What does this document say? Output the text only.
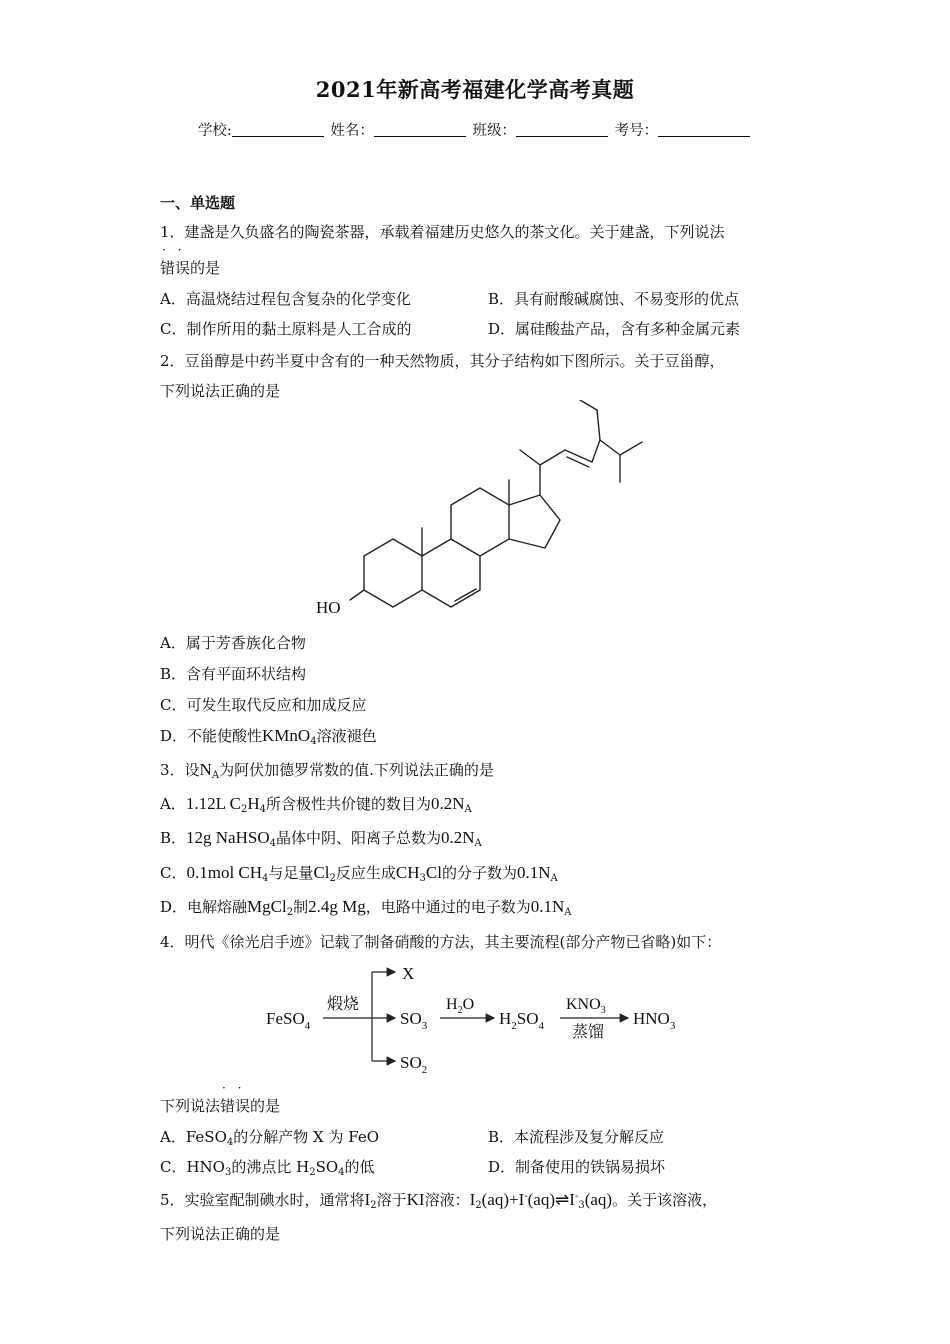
2021年新高考福建化学高考真题
学校:	姓名：	班级：	考号：
一、单选题
1．建盏是久负盛名的陶瓷茶器，承载着福建历史悠久的茶文化。关于建盏，下列说法
· · 错误的是
A．高温烧结过程包含复杂的化学变化	B．具有耐酸碱腐蚀、不易变形的优点
C．制作所用的黏土原料是人工合成的	D．属硅酸盐产品，含有多种金属元素
2．豆甾醇是中药半夏中含有的一种天然物质，其分子结构如下图所示。关于豆甾醇，
下列说法正确的是
HO
A．属于芳香族化合物
B．含有平面环状结构
C．可发生取代反应和加成反应
D．不能使酸性KMnO$_4$溶液褪色
3．设$N_A$为阿伏加德罗常数的值.下列说法正确的是
A．1.12L $C_2H_4$所含极性共价键的数目为$0.2N_A$
B．12g NaHSO$_4$晶体中阴、阳离子总数为$0.2N_A$
C．0.1mol $CH_4$与足量$Cl_2$反应生成$CH_3Cl$的分子数为$0.1N_A$
D．电解熔融MgCl$_2$制2.4g Mg，电路中通过的电子数为$0.1N_A$
4．明代《徐光启手迹》记载了制备硝酸的方法，其主要流程(部分产物已省略)如下：
FeSO$_4$
煅烧
X
$SO_3$
$SO_2$
$H_2O$
$H_2SO_4$
$KNO_3$
蒸馏
$HNO_3$
下列说法· · 错误的是
A．FeSO$_4$的分解产物 X 为 FeO	B．本流程涉及复分解反应
C．$HNO_3$的沸点比 $H_2SO_4$的低	D．制备使用的铁锅易损坏
5．实验室配制碘水时，通常将$I_2$溶于KI溶液：$I_2(aq)+I^-(aq)\rightleftharpoons I^-_3(aq)$。关于该溶液，
下列说法正确的是
